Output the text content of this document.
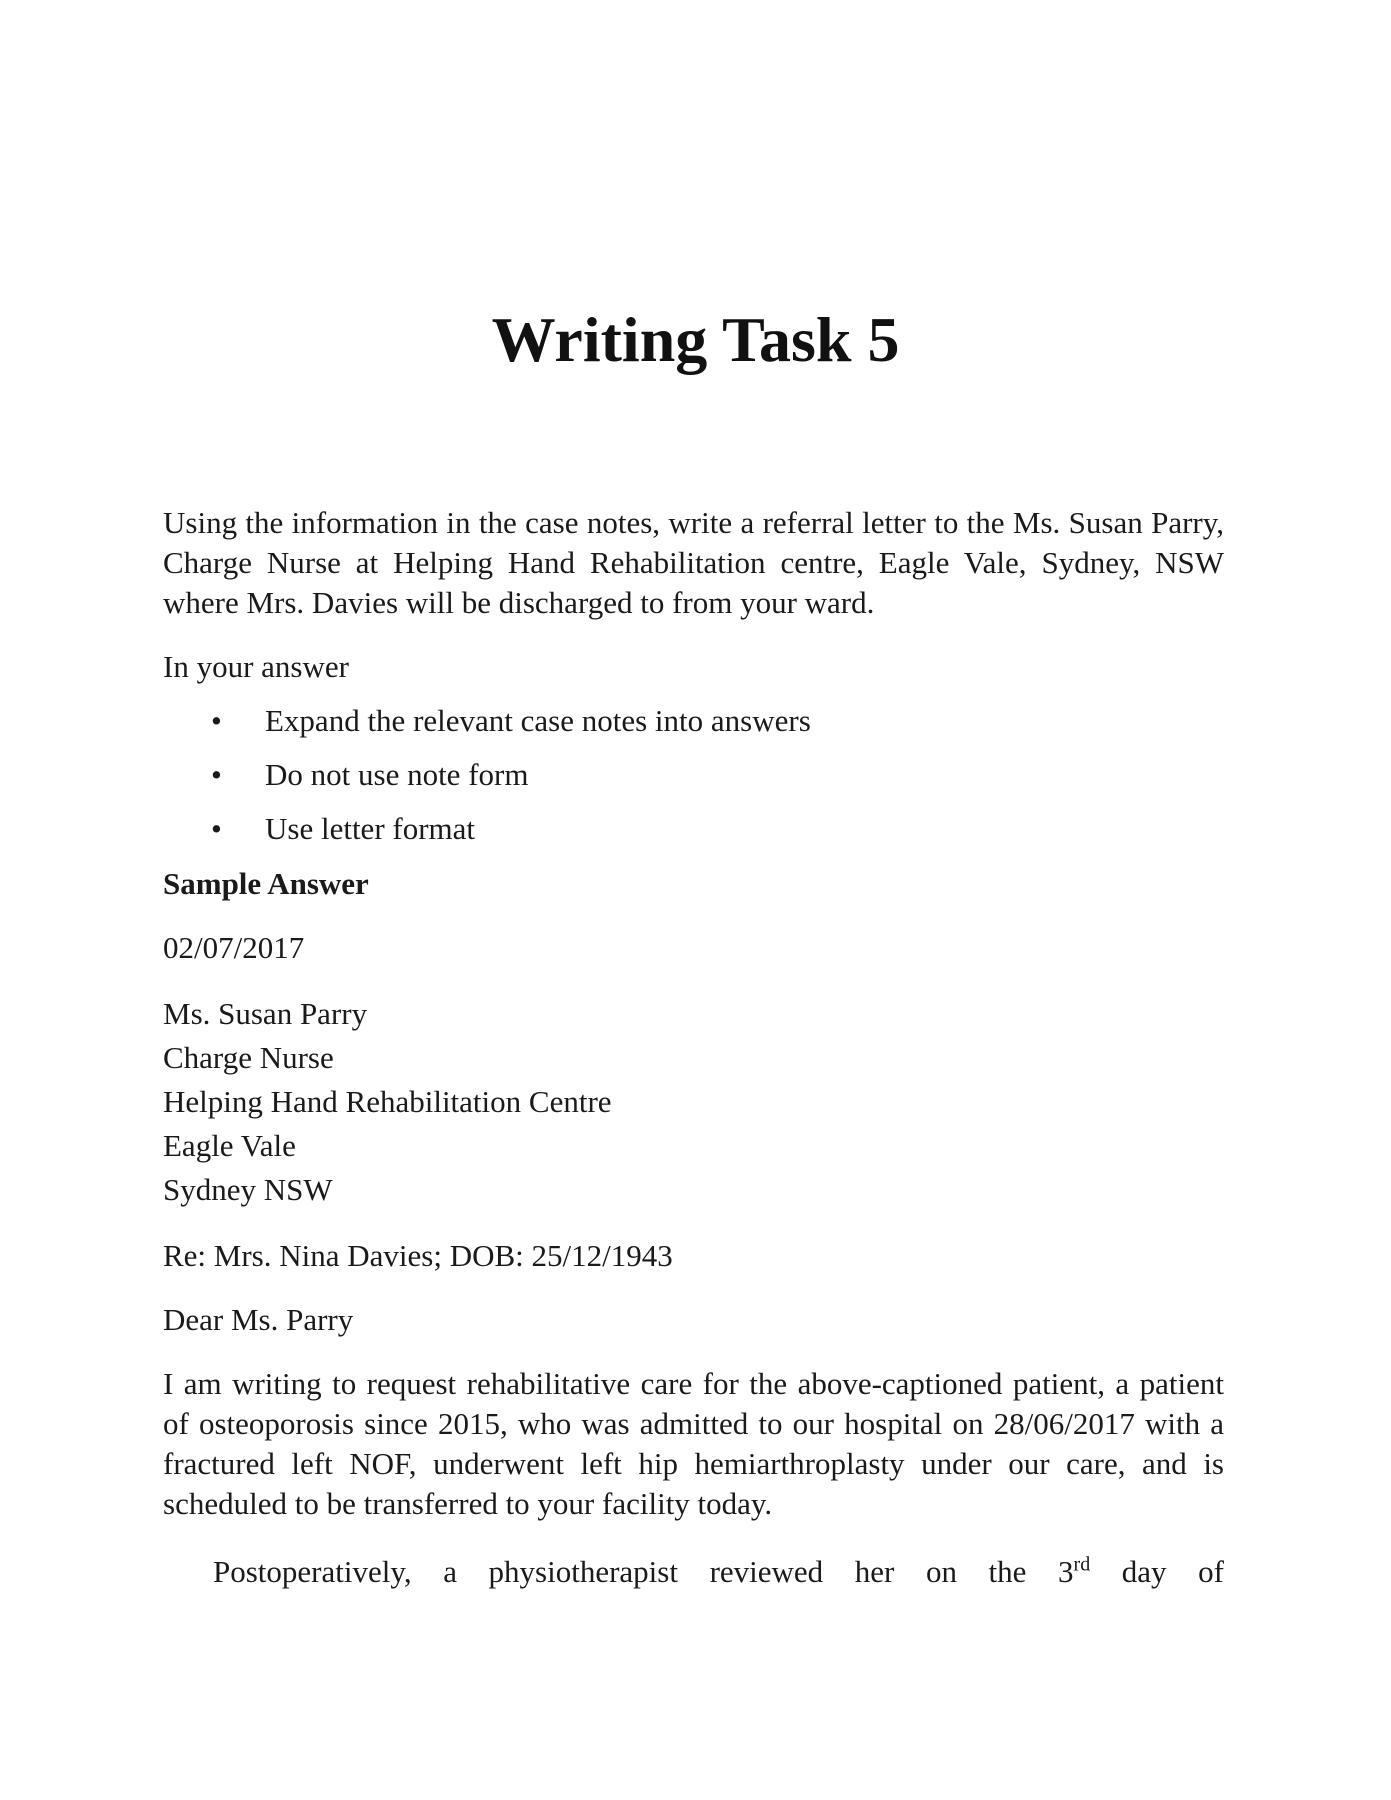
Writing Task 5

Using the information in the case notes, write a referral letter to the Ms. Susan Parry, Charge Nurse at Helping Hand Rehabilitation centre, Eagle Vale, Sydney, NSW where Mrs. Davies will be discharged to from your ward.

In your answer

• Expand the relevant case notes into answers
• Do not use note form
• Use letter format

Sample Answer

02/07/2017

Ms. Susan Parry
Charge Nurse
Helping Hand Rehabilitation Centre
Eagle Vale
Sydney NSW

Re: Mrs. Nina Davies; DOB: 25/12/1943

Dear Ms. Parry

I am writing to request rehabilitative care for the above-captioned patient, a patient of osteoporosis since 2015, who was admitted to our hospital on 28/06/2017 with a fractured left NOF, underwent left hip hemiarthroplasty under our care, and is scheduled to be transferred to your facility today.

Postoperatively, a physiotherapist reviewed her on the 3rd day of
